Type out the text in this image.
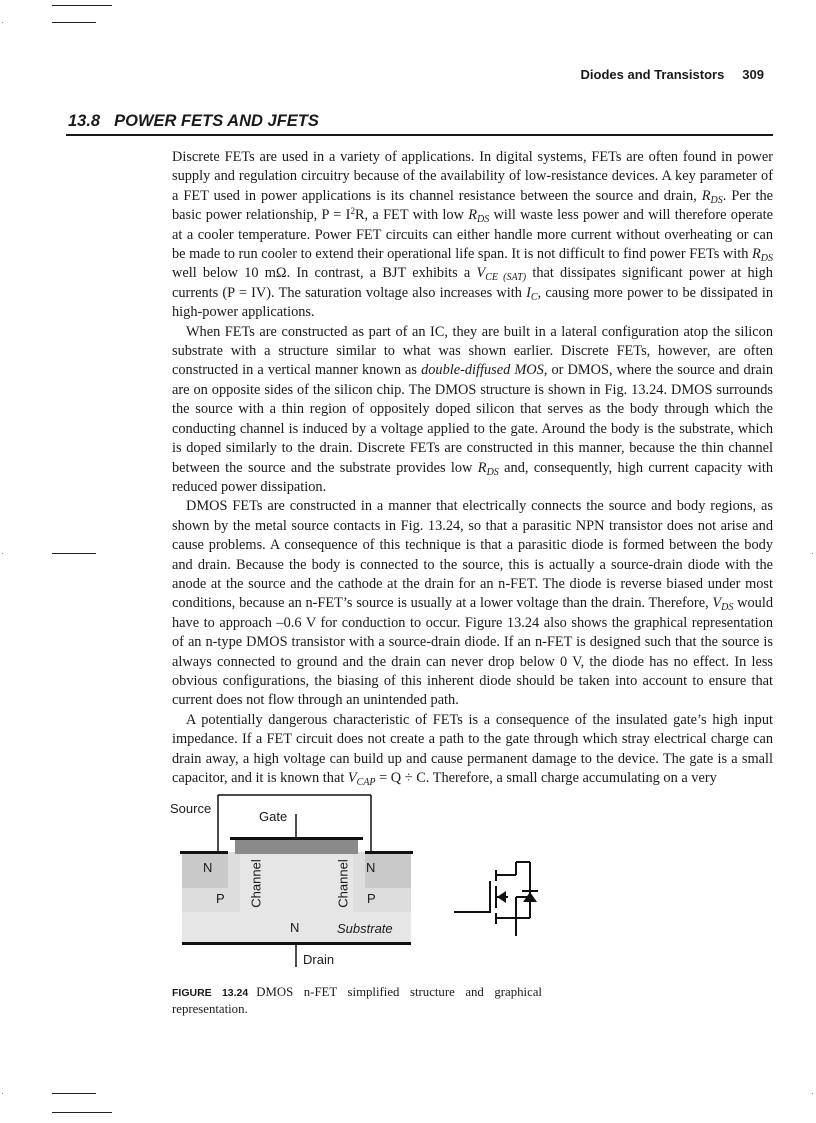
Diodes and Transistors 309
13.8 POWER FETS AND JFETS

Discrete FETs are used in a variety of applications. In digital systems, FETs are often found in power supply and regulation circuitry because of the availability of low-resistance devices. A key parameter of a FET used in power applications is its channel resistance between the source and drain, $R_{DS}$. Per the basic power relationship, $P = I^2R$, a FET with low $R_{DS}$ will waste less power and will therefore operate at a cooler temperature. Power FET circuits can either handle more current without overheating or can be made to run cooler to extend their operational life span. It is not difficult to find power FETs with $R_{DS}$ well below 10 mΩ. In contrast, a BJT exhibits a $V_{CE (SAT)}$ that dissipates significant power at high currents (P = IV). The saturation voltage also increases with $I_C$, causing more power to be dissipated in high-power applications.

When FETs are constructed as part of an IC, they are built in a lateral configuration atop the silicon substrate with a structure similar to what was shown earlier. Discrete FETs, however, are often constructed in a vertical manner known as double-diffused MOS, or DMOS, where the source and drain are on opposite sides of the silicon chip. The DMOS structure is shown in Fig. 13.24. DMOS surrounds the source with a thin region of oppositely doped silicon that serves as the body through which the conducting channel is induced by a voltage applied to the gate. Around the body is the substrate, which is doped similarly to the drain. Discrete FETs are constructed in this manner, because the thin channel between the source and the substrate provides low $R_{DS}$ and, consequently, high current capacity with reduced power dissipation.

DMOS FETs are constructed in a manner that electrically connects the source and body regions, as shown by the metal source contacts in Fig. 13.24, so that a parasitic NPN transistor does not arise and cause problems. A consequence of this technique is that a parasitic diode is formed between the body and drain. Because the body is connected to the source, this is actually a source-drain diode with the anode at the source and the cathode at the drain for an n-FET. The diode is reverse biased under most conditions, because an n-FET’s source is usually at a lower voltage than the drain. Therefore, $V_{DS}$ would have to approach –0.6 V for conduction to occur. Figure 13.24 also shows the graphical representation of an n-type DMOS transistor with a source-drain diode. If an n-FET is designed such that the source is always connected to ground and the drain can never drop below 0 V, the diode has no effect. In less obvious configurations, the biasing of this inherent diode should be taken into account to ensure that current does not flow through an unintended path.

A potentially dangerous characteristic of FETs is a consequence of the insulated gate’s high input impedance. If a FET circuit does not create a path to the gate through which stray electrical charge can drain away, a high voltage can build up and cause permanent damage to the device. The gate is a small capacitor, and it is known that $V_{CAP} = Q \div C$. Therefore, a small charge accumulating on a very

Source
Gate
N	N
P	P
Channel	Channel
N	Substrate
Drain
FIGURE 13.24 DMOS n-FET simplified structure and graphical representation.
